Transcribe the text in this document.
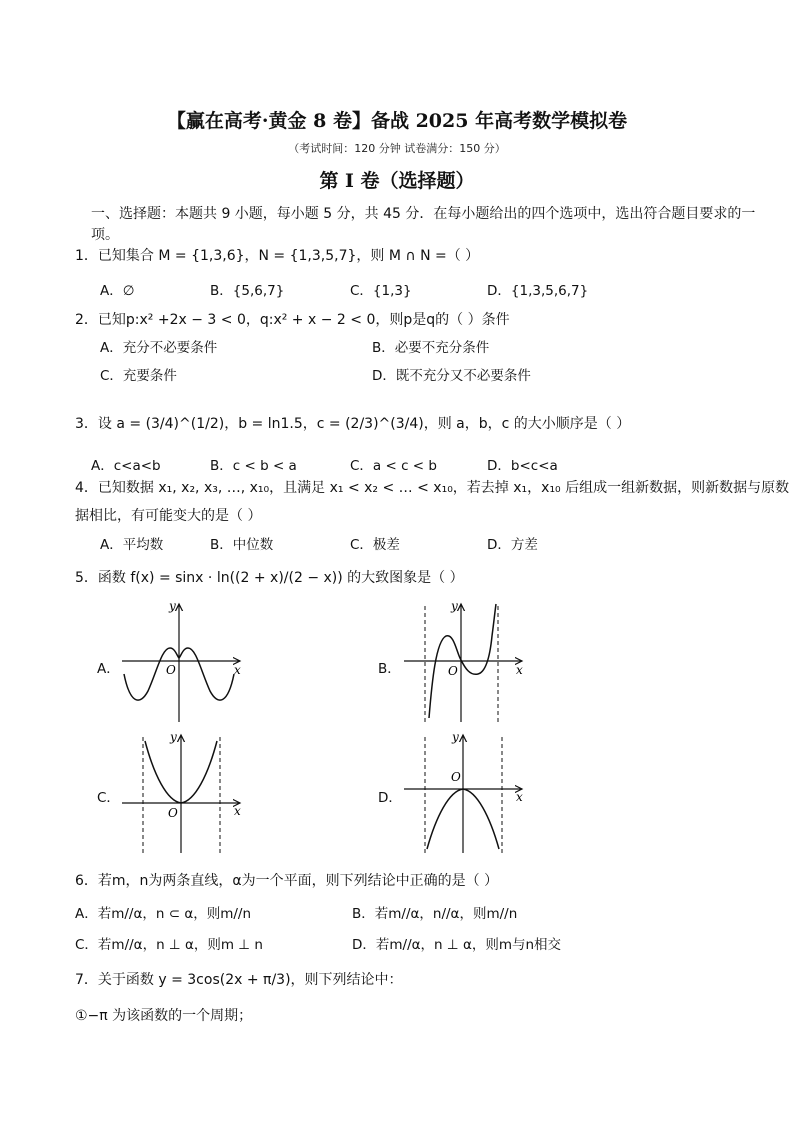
【赢在高考·黄金 8 卷】备战 2025 年高考数学模拟卷
（考试时间：120 分钟 试卷满分：150 分）
第 I 卷（选择题）
一、选择题：本题共 9 小题，每小题 5 分，共 45 分．在每小题给出的四个选项中，选出符合题目要求的一
项。
1．已知集合 M = {1,3,6}，N = {1,3,5,7}，则 M ∩ N =（ ）
A．∅	B．{5,6,7}	C．{1,3}	D．{1,3,5,6,7}
2．已知p:x² +2x − 3 < 0，q:x² + x − 2 < 0，则p是q的（ ）条件
A．充分不必要条件	B．必要不充分条件
C．充要条件	D．既不充分又不必要条件
3．设 a = (3/4)^(1/2)，b = ln1.5，c = (2/3)^(3/4)，则 a，b，c 的大小顺序是（ ）
A．c<a<b	B．c < b < a	C．a < c < b	D．b<c<a
4．已知数据 x₁, x₂, x₃, …, x₁₀，且满足 x₁ < x₂ < … < x₁₀，若去掉 x₁，x₁₀ 后组成一组新数据，则新数据与原数
据相比，有可能变大的是（ ）
A．平均数	B．中位数	C．极差	D．方差
5．函数 f(x) = sinx · ln((2 + x)/(2 − x)) 的大致图象是（ ）
A．	B．
C．	D．
y
x
O
y
x
O
y
x
O
y
x
O
6．若m，n为两条直线，α为一个平面，则下列结论中正确的是（ ）
A．若m//α，n ⊂ α，则m//n	B．若m//α，n//α，则m//n
C．若m//α，n ⊥ α，则m ⊥ n	D．若m//α，n ⊥ α，则m与n相交
7．关于函数 y = 3cos(2x + π/3)，则下列结论中：
①−π 为该函数的一个周期；
